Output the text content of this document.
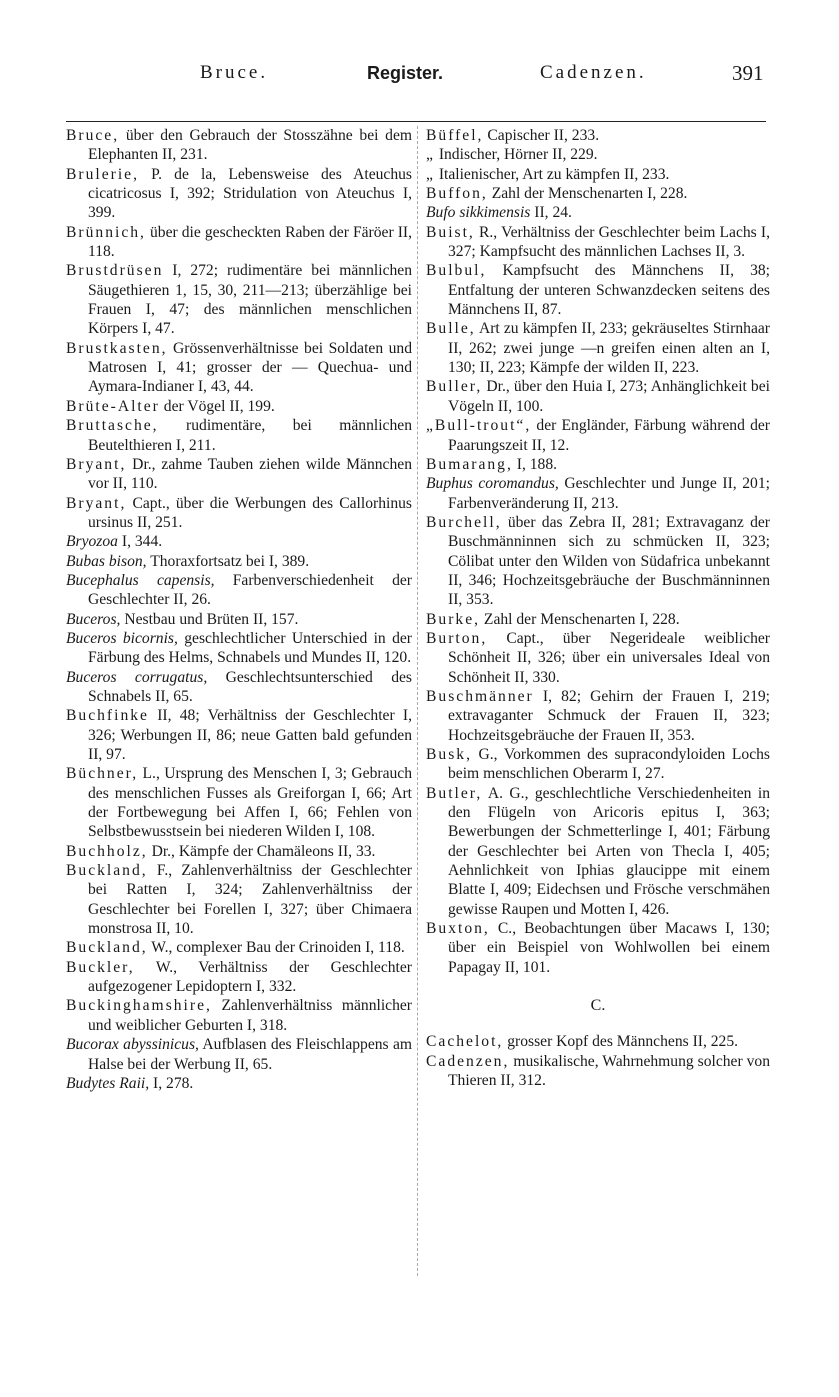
Bruce.	Register.	Cadenzen.	391

Bruce, über den Gebrauch der Stosszähne bei dem Elephanten II, 231.

Brulerie, P. de la, Lebensweise des Ateuchus cicatricosus I, 392; Stridulation von Ateuchus I, 399.

Brünnich, über die gescheckten Raben der Färöer II, 118.

Brustdrüsen I, 272; rudimentäre bei männlichen Säugethieren 1, 15, 30, 211—213; überzählige bei Frauen I, 47; des männlichen menschlichen Körpers I, 47.

Brustkasten, Grössenverhältnisse bei Soldaten und Matrosen I, 41; grosser der — Quechua- und Aymara-Indianer I, 43, 44.

Brüte-Alter der Vögel II, 199.

Bruttasche, rudimentäre, bei männlichen Beutelthieren I, 211.

Bryant, Dr., zahme Tauben ziehen wilde Männchen vor II, 110.

Bryant, Capt., über die Werbungen des Callorhinus ursinus II, 251.

Bryozoa I, 344.

Bubas bison, Thoraxfortsatz bei I, 389.

Bucephalus capensis, Farbenverschiedenheit der Geschlechter II, 26.

Buceros, Nestbau und Brüten II, 157.

Buceros bicornis, geschlechtlicher Unterschied in der Färbung des Helms, Schnabels und Mundes II, 120.

Buceros corrugatus, Geschlechtsunterschied des Schnabels II, 65.

Buchfinke II, 48; Verhältniss der Geschlechter I, 326; Werbungen II, 86; neue Gatten bald gefunden II, 97.

Büchner, L., Ursprung des Menschen I, 3; Gebrauch des menschlichen Fusses als Greiforgan I, 66; Art der Fortbewegung bei Affen I, 66; Fehlen von Selbstbewusstsein bei niederen Wilden I, 108.

Buchholz, Dr., Kämpfe der Chamäleons II, 33.

Buckland, F., Zahlenverhältniss der Geschlechter bei Ratten I, 324; Zahlenverhältniss der Geschlechter bei Forellen I, 327; über Chimaera monstrosa II, 10.

Buckland, W., complexer Bau der Crinoiden I, 118.

Buckler, W., Verhältniss der Geschlechter aufgezogener Lepidoptern I, 332.

Buckinghamshire, Zahlenverhältniss männlicher und weiblicher Geburten I, 318.

Bucorax abyssinicus, Aufblasen des Fleischlappens am Halse bei der Werbung II, 65.

Budytes Raii, I, 278.

Büffel, Capischer II, 233.

„ Indischer, Hörner II, 229.

„ Italienischer, Art zu kämpfen II, 233.

Buffon, Zahl der Menschenarten I, 228.

Bufo sikkimensis II, 24.

Buist, R., Verhältniss der Geschlechter beim Lachs I, 327; Kampfsucht des männlichen Lachses II, 3.

Bulbul, Kampfsucht des Männchens II, 38; Entfaltung der unteren Schwanzdecken seitens des Männchens II, 87.

Bulle, Art zu kämpfen II, 233; gekräuseltes Stirnhaar II, 262; zwei junge —n greifen einen alten an I, 130; II, 223; Kämpfe der wilden II, 223.

Buller, Dr., über den Huia I, 273; Anhänglichkeit bei Vögeln II, 100.

„Bull-trout“, der Engländer, Färbung während der Paarungszeit II, 12.

Bumarang, I, 188.

Buphus coromandus, Geschlechter und Junge II, 201; Farbenveränderung II, 213.

Burchell, über das Zebra II, 281; Extravaganz der Buschmänninnen sich zu schmücken II, 323; Cölibat unter den Wilden von Südafrica unbekannt II, 346; Hochzeitsgebräuche der Buschmänninnen II, 353.

Burke, Zahl der Menschenarten I, 228.

Burton, Capt., über Negerideale weiblicher Schönheit II, 326; über ein universales Ideal von Schönheit II, 330.

Buschmänner I, 82; Gehirn der Frauen I, 219; extravaganter Schmuck der Frauen II, 323; Hochzeitsgebräuche der Frauen II, 353.

Busk, G., Vorkommen des supracondyloiden Lochs beim menschlichen Oberarm I, 27.

Butler, A. G., geschlechtliche Verschiedenheiten in den Flügeln von Aricoris epitus I, 363; Bewerbungen der Schmetterlinge I, 401; Färbung der Geschlechter bei Arten von Thecla I, 405; Aehnlichkeit von Iphias glaucippe mit einem Blatte I, 409; Eidechsen und Frösche verschmähen gewisse Raupen und Motten I, 426.

Buxton, C., Beobachtungen über Macaws I, 130; über ein Beispiel von Wohlwollen bei einem Papagay II, 101.

C.

Cachelot, grosser Kopf des Männchens II, 225.

Cadenzen, musikalische, Wahrnehmung solcher von Thieren II, 312.
